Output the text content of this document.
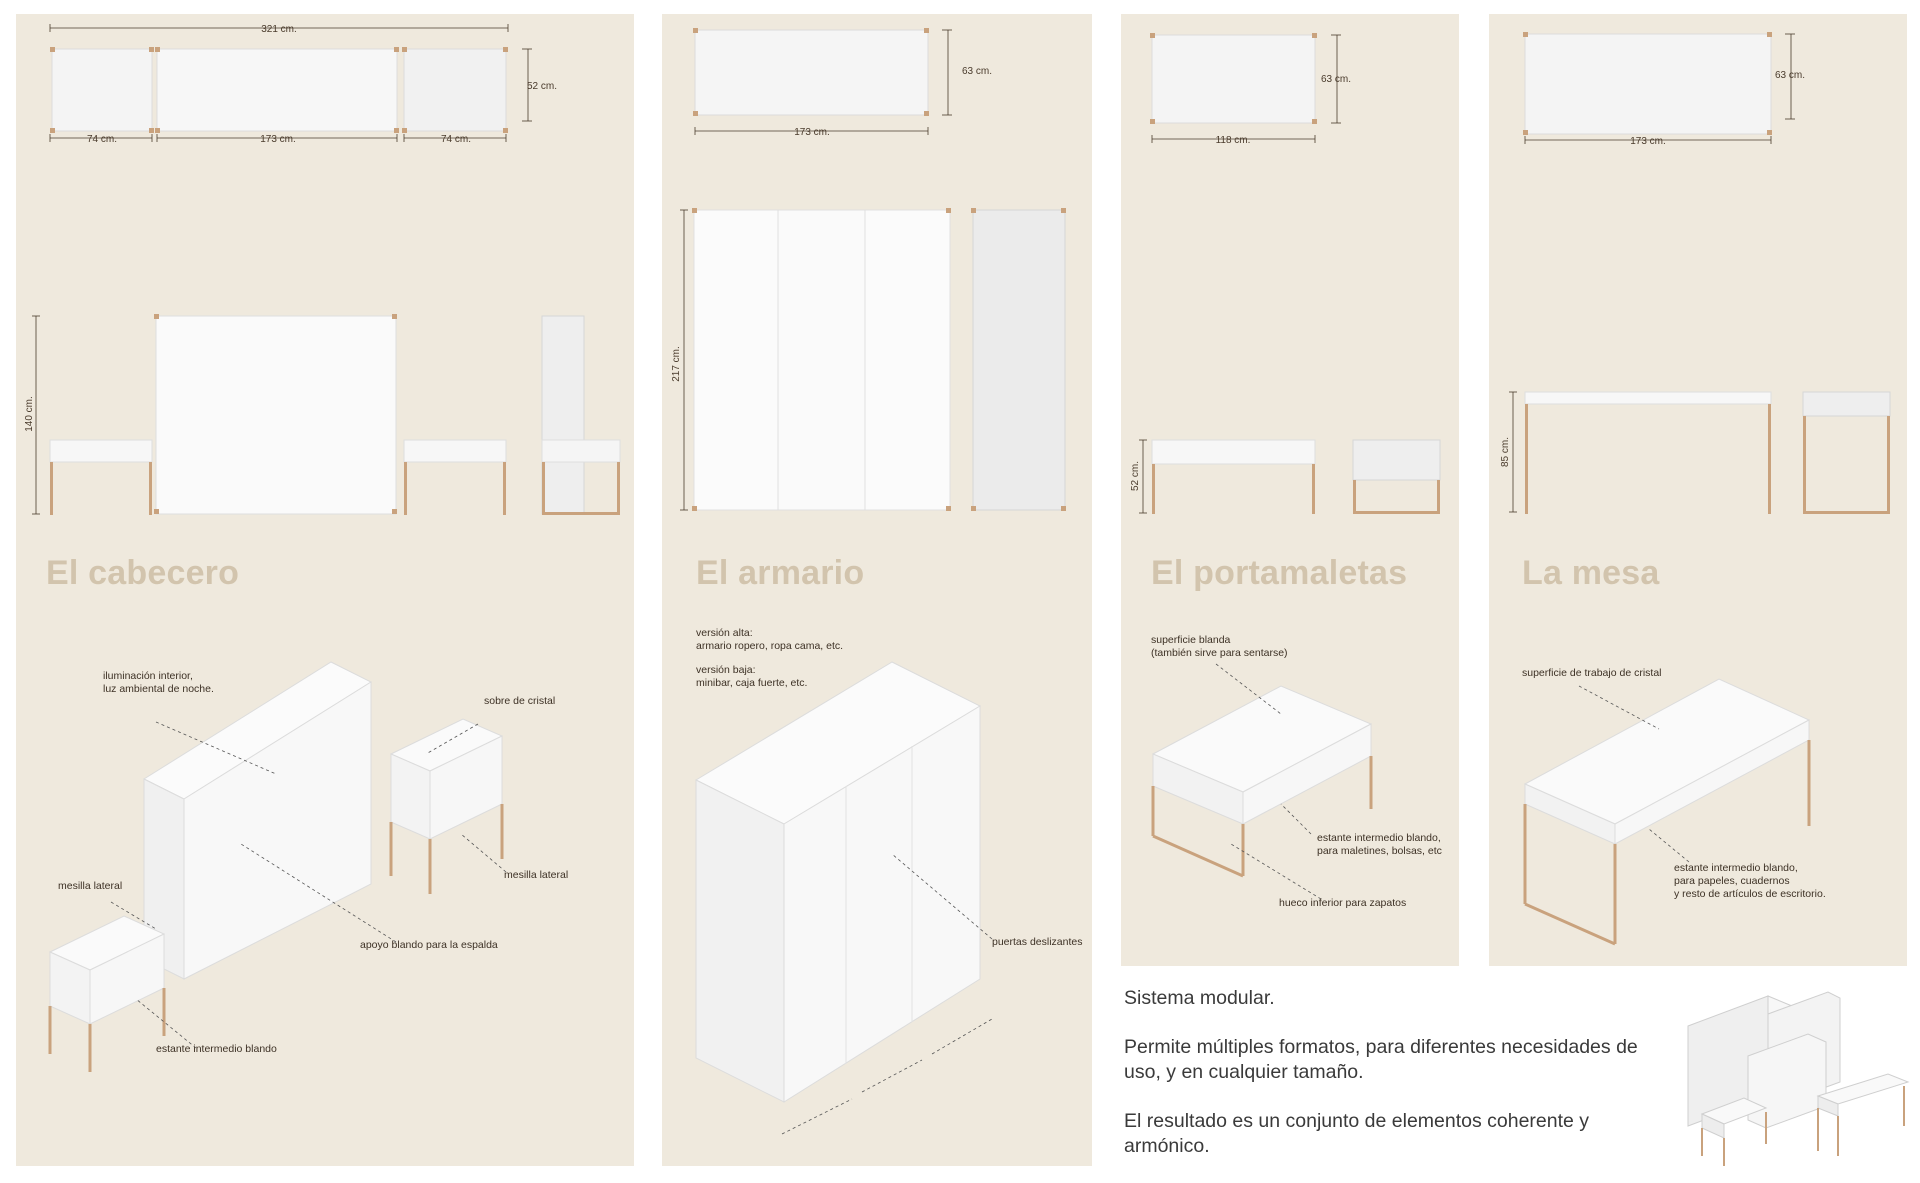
321 cm.
52 cm.
74 cm.	173 cm.	74 cm.
140 cm.
El cabecero
iluminación interior,
luz ambiental de noche.
sobre de cristal
mesilla lateral
mesilla lateral
apoyo blando para la espalda
estante intermedio blando
63 cm.
173 cm.
217 cm.
El armario
versión alta:
armario ropero, ropa cama, etc.
versión baja:
minibar, caja fuerte, etc.
puertas deslizantes
63 cm.
118 cm.
52 cm.
El portamaletas
superficie blanda
(también sirve para sentarse)
estante intermedio blando,
para maletines, bolsas, etc
hueco inferior para zapatos
63 cm.
173 cm.
85 cm.
La mesa
superficie de trabajo de cristal
estante intermedio blando,
para papeles, cuadernos
y resto de artículos de escritorio.

Sistema modular.

Permite múltiples formatos, para diferentes necesidades de uso, y en cualquier tamaño.

El resultado es un conjunto de elementos coherente y armónico.
